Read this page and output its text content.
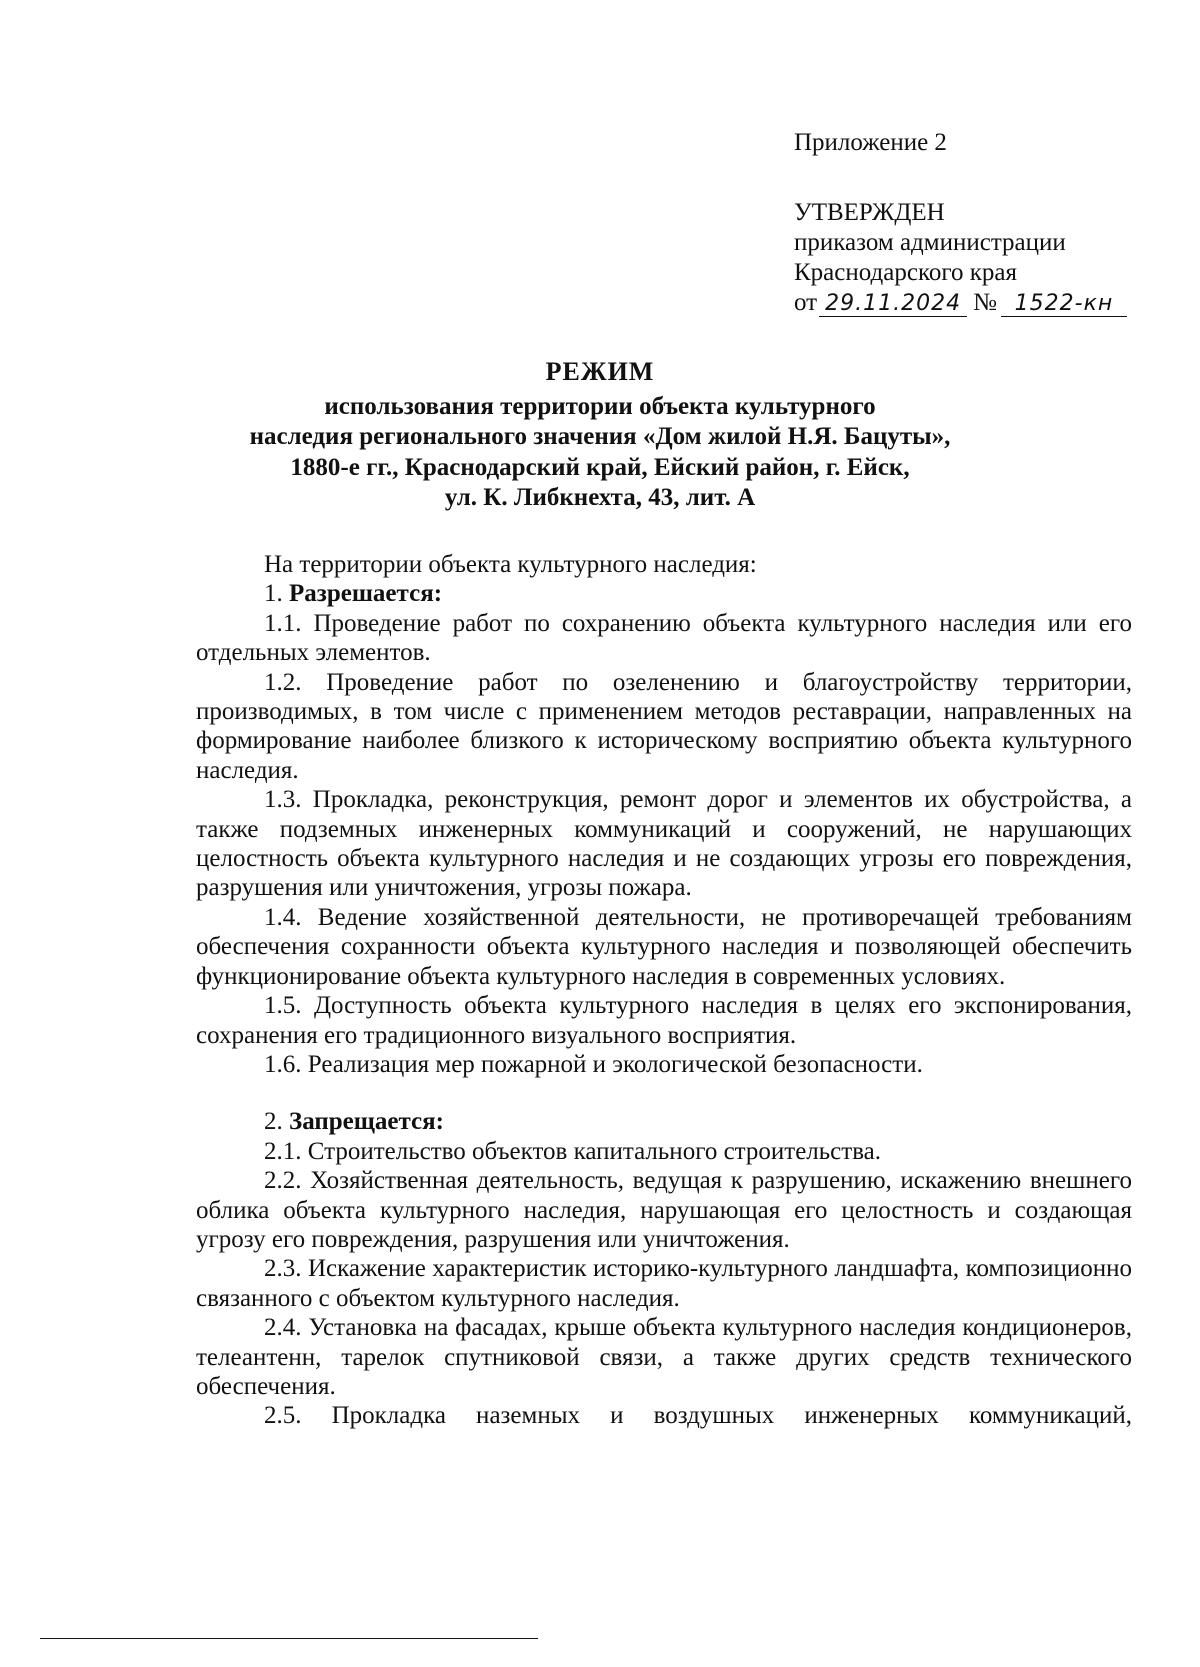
Приложение 2
УТВЕРЖДЕН
приказом администрации
Краснодарского края
от 29.11.2024 № 1522-кн
РЕЖИМ
использования территории объекта культурного
наследия регионального значения «Дом жилой Н.Я. Бацуты»,
1880-е гг., Краснодарский край, Ейский район, г. Ейск,
ул. К. Либкнехта, 43, лит. А

На территории объекта культурного наследия:

1. Разрешается:

1.1. Проведение работ по сохранению объекта культурного наследия или его отдельных элементов.

1.2. Проведение работ по озеленению и благоустройству территории, производимых, в том числе с применением методов реставрации, направленных на формирование наиболее близкого к историческому восприятию объекта культурного наследия.

1.3. Прокладка, реконструкция, ремонт дорог и элементов их обустройства, а также подземных инженерных коммуникаций и сооружений, не нарушающих целостность объекта культурного наследия и не создающих угрозы его повреждения, разрушения или уничтожения, угрозы пожара.

1.4. Ведение хозяйственной деятельности, не противоречащей требованиям обеспечения сохранности объекта культурного наследия и позволяющей обеспечить функционирование объекта культурного наследия в современных условиях.

1.5. Доступность объекта культурного наследия в целях его экспонирования, сохранения его традиционного визуального восприятия.

1.6. Реализация мер пожарной и экологической безопасности.

2. Запрещается:

2.1. Строительство объектов капитального строительства.

2.2. Хозяйственная деятельность, ведущая к разрушению, искажению внешнего облика объекта культурного наследия, нарушающая его целостность и создающая угрозу его повреждения, разрушения или уничтожения.

2.3. Искажение характеристик историко-культурного ландшафта, композиционно связанного с объектом культурного наследия.

2.4. Установка на фасадах, крыше объекта культурного наследия кондиционеров, телеантенн, тарелок спутниковой связи, а также других средств технического обеспечения.

2.5. Прокладка наземных и воздушных инженерных коммуникаций,
